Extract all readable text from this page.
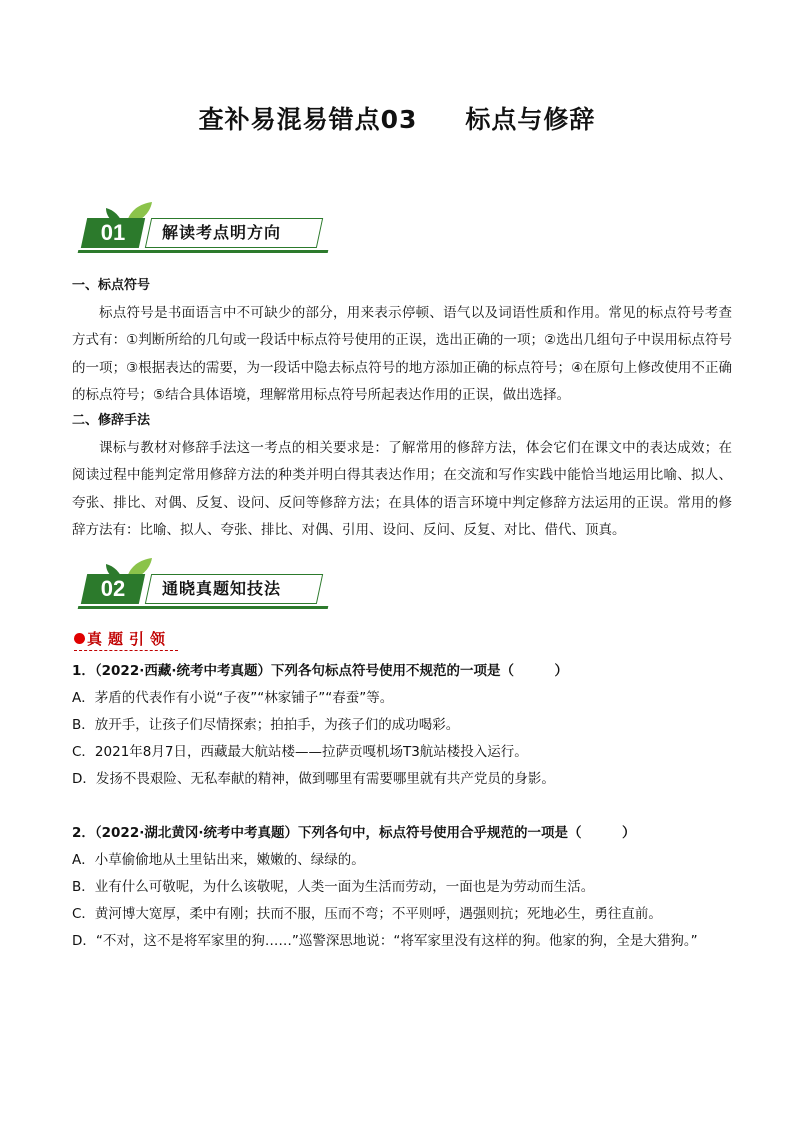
查补易混易错点03 标点与修辞
01	解读考点明方向
一、标点符号
标点符号是书面语言中不可缺少的部分，用来表示停顿、语气以及词语性质和作用。常见的标点符号考查方式有：①判断所给的几句或一段话中标点符号使用的正误，选出正确的一项；②选出几组句子中误用标点符号的一项；③根据表达的需要，为一段话中隐去标点符号的地方添加正确的标点符号；④在原句上修改使用不正确的标点符号；⑤结合具体语境，理解常用标点符号所起表达作用的正误，做出选择。
二、修辞手法
课标与教材对修辞手法这一考点的相关要求是：了解常用的修辞方法，体会它们在课文中的表达成效；在阅读过程中能判定常用修辞方法的种类并明白得其表达作用；在交流和写作实践中能恰当地运用比喻、拟人、夸张、排比、对偶、反复、设问、反问等修辞方法；在具体的语言环境中判定修辞方法运用的正误。常用的修辞方法有：比喻、拟人、夸张、排比、对偶、引用、设问、反问、反复、对比、借代、顶真。
02	通晓真题知技法
真题引领
1．（2022·西藏·统考中考真题）下列各句标点符号使用不规范的一项是（　　　）
A．茅盾的代表作有小说“子夜”“林家铺子”“春蚕”等。
B．放开手，让孩子们尽情探索；拍拍手，为孩子们的成功喝彩。
C．2021年8月7日，西藏最大航站楼——拉萨贡嘎机场T3航站楼投入运行。
D．发扬不畏艰险、无私奉献的精神，做到哪里有需要哪里就有共产党员的身影。
2．（2022·湖北黄冈·统考中考真题）下列各句中，标点符号使用合乎规范的一项是（　　　）
A．小草偷偷地从土里钻出来，嫩嫩的、绿绿的。
B．业有什么可敬呢，为什么该敬呢，人类一面为生活而劳动，一面也是为劳动而生活。
C．黄河博大宽厚，柔中有刚；扶而不服，压而不弯；不平则呼，遇强则抗；死地必生，勇往直前。
D．“不对，这不是将军家里的狗……”巡警深思地说：“将军家里没有这样的狗。他家的狗，全是大猎狗。”
